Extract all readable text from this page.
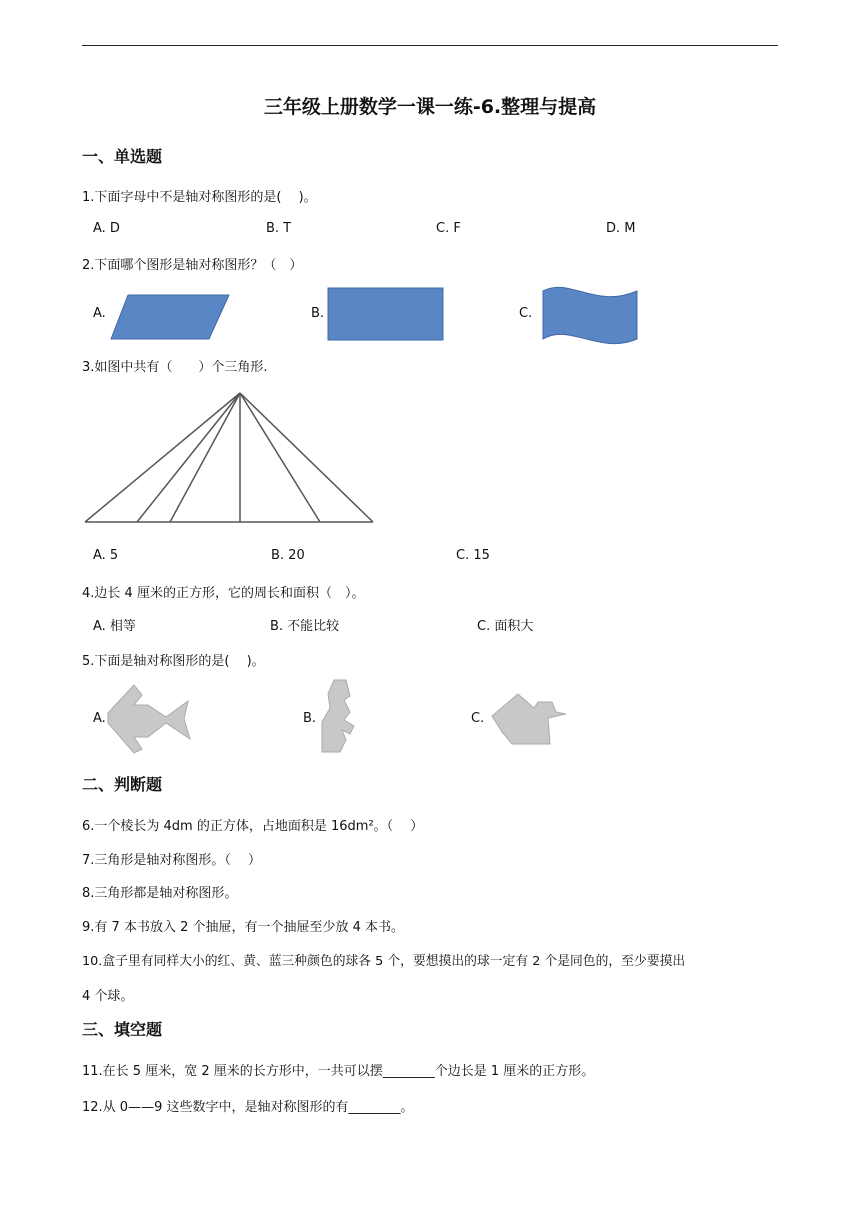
三年级上册数学一课一练-6.整理与提高
一、单选题
1.下面字母中不是轴对称图形的是(　 )。
A. D	B. T	C. F	D. M
2.下面哪个图形是轴对称图形？（　）
A.	B.	C.
3.如图中共有（　　）个三角形.
A. 5	B. 20	C. 15
4.边长 4 厘米的正方形，它的周长和面积（　）。
A. 相等	B. 不能比较	C. 面积大
5.下面是轴对称图形的是(　 )。
A.	B.	C.
二、判断题
6.一个棱长为 4dm 的正方体，占地面积是 16dm²。（　 ）
7.三角形是轴对称图形。（　 ）
8.三角形都是轴对称图形。
9.有 7 本书放入 2 个抽屉，有一个抽屉至少放 4 本书。
10.盒子里有同样大小的红、黄、蓝三种颜色的球各 5 个，要想摸出的球一定有 2 个是同色的，至少要摸出
4 个球。
三、填空题
11.在长 5 厘米，宽 2 厘米的长方形中，一共可以摆________个边长是 1 厘米的正方形。
12.从 0——9 这些数字中，是轴对称图形的有________。
